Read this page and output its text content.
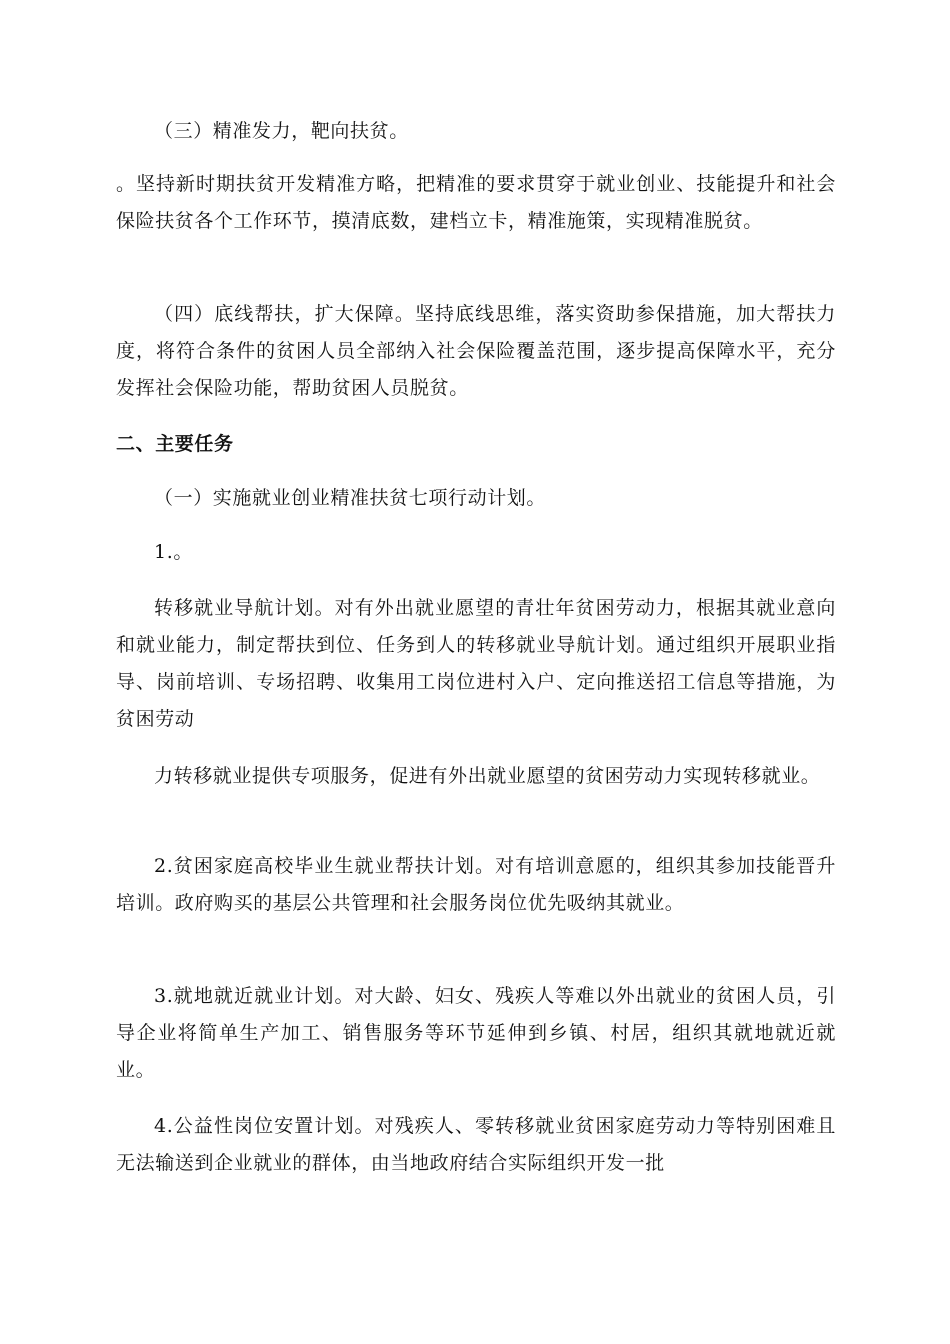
（三）精准发力，靶向扶贫。

。坚持新时期扶贫开发精准方略，把精准的要求贯穿于就业创业、技能提升和社会保险扶贫各个工作环节，摸清底数，建档立卡，精准施策，实现精准脱贫。

（四）底线帮扶，扩大保障。坚持底线思维，落实资助参保措施，加大帮扶力度，将符合条件的贫困人员全部纳入社会保险覆盖范围，逐步提高保障水平，充分发挥社会保险功能，帮助贫困人员脱贫。

二、主要任务

（一）实施就业创业精准扶贫七项行动计划。

1.。

转移就业导航计划。对有外出就业愿望的青壮年贫困劳动力，根据其就业意向和就业能力，制定帮扶到位、任务到人的转移就业导航计划。通过组织开展职业指导、岗前培训、专场招聘、收集用工岗位进村入户、定向推送招工信息等措施，为贫困劳动

力转移就业提供专项服务，促进有外出就业愿望的贫困劳动力实现转移就业。

2.贫困家庭高校毕业生就业帮扶计划。对有培训意愿的，组织其参加技能晋升培训。政府购买的基层公共管理和社会服务岗位优先吸纳其就业。

3.就地就近就业计划。对大龄、妇女、残疾人等难以外出就业的贫困人员，引导企业将简单生产加工、销售服务等环节延伸到乡镇、村居，组织其就地就近就业。

4.公益性岗位安置计划。对残疾人、零转移就业贫困家庭劳动力等特别困难且无法输送到企业就业的群体，由当地政府结合实际组织开发一批
